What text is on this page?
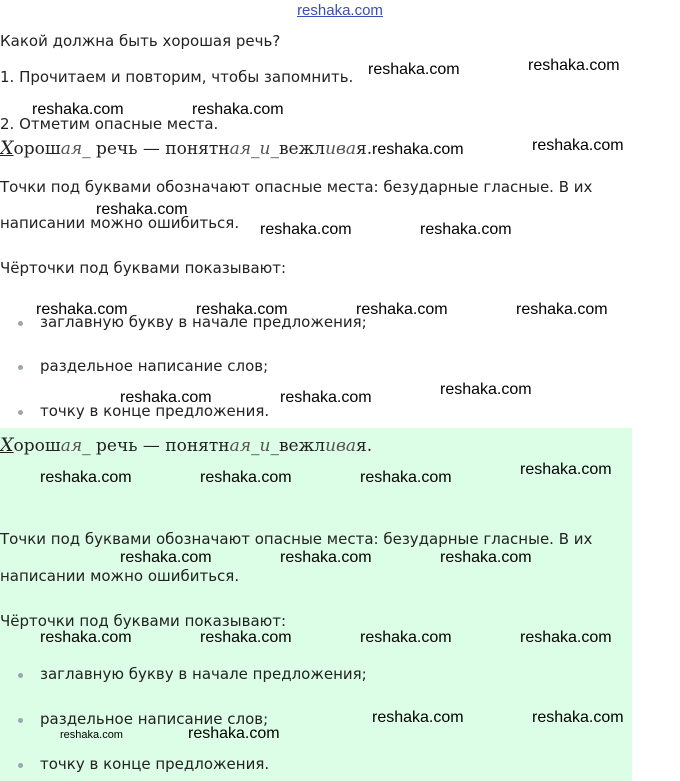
reshaka.com
Какой должна быть хорошая речь?
1. Прочитаем и повторим, чтобы запомнить.
2. Отметим опасные места.
Хорошая_ речь — понятная_и_вежливая.
Точки под буквами обозначают опасные места: безударные гласные. В их
написании можно ошибиться.
Чёрточки под буквами показывают:
заглавную букву в начале предложения;
раздельное написание слов;
точку в конце предложения.
Хорошая_ речь — понятная_и_вежливая.
Точки под буквами обозначают опасные места: безударные гласные. В их
написании можно ошибиться.
Чёрточки под буквами показывают:
заглавную букву в начале предложения;
раздельное написание слов;
точку в конце предложения.
reshaka.com	reshaka.com
reshaka.com	reshaka.com
reshaka.com	reshaka.com
reshaka.com
reshaka.com	reshaka.com
reshaka.com	reshaka.com	reshaka.com	reshaka.com
reshaka.com	reshaka.com	reshaka.com
reshaka.com	reshaka.com	reshaka.com	reshaka.com
reshaka.com	reshaka.com	reshaka.com
reshaka.com	reshaka.com	reshaka.com	reshaka.com
reshaka.com	reshaka.com
reshaka.com	reshaka.com
